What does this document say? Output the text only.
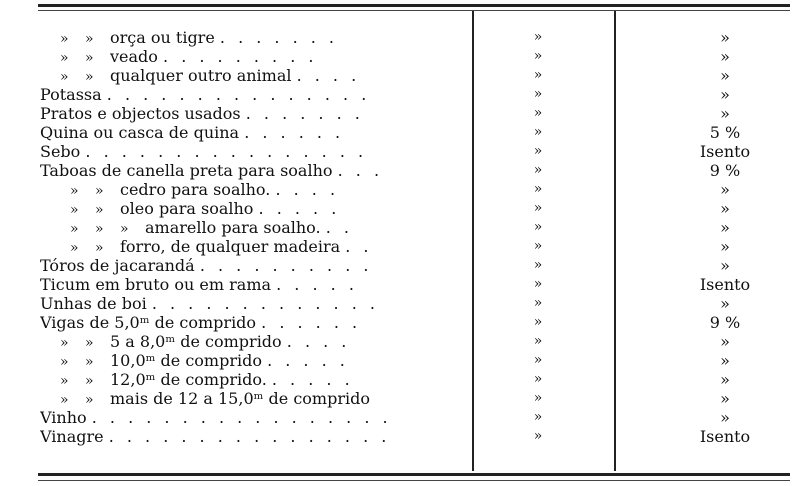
» » orça ou tigre . . . . . . .	»	»
» » veado . . . . . . . . .	»	»
» » qualquer outro animal . . . .	»	»
Potassa . . . . . . . . . . . . . . .	»	»
Pratos e objectos usados . . . . . . .	»	»
Quina ou casca de quina . . . . . .	»	5 %
Sebo . . . . . . . . . . . . . . . .	»	Isento
Taboas de canella preta para soalho . . .	»	9 %
» » cedro para soalho. . . . .	»	»
» » oleo para soalho . . . . .	»	»
» » » amarello para soalho. . .	»	»
» » forro, de qualquer madeira . .	»	»
Tóros de jacarandá . . . . . . . . . .	»	»
Ticum em bruto ou em rama . . . . .	»	Isento
Unhas de boi . . . . . . . . . . . . .	»	»
Vigas de 5,0ᵐ de comprido . . . . . .	»	9 %
» » 5 a 8,0ᵐ de comprido . . . .	»	»
» » 10,0ᵐ de comprido . . . . .	»	»
» » 12,0ᵐ de comprido. . . . . .	»	»
» » mais de 12 a 15,0ᵐ de comprido	»	»
Vinho . . . . . . . . . . . . . . . . .	»	»
Vinagre . . . . . . . . . . . . . . . .	»	Isento
